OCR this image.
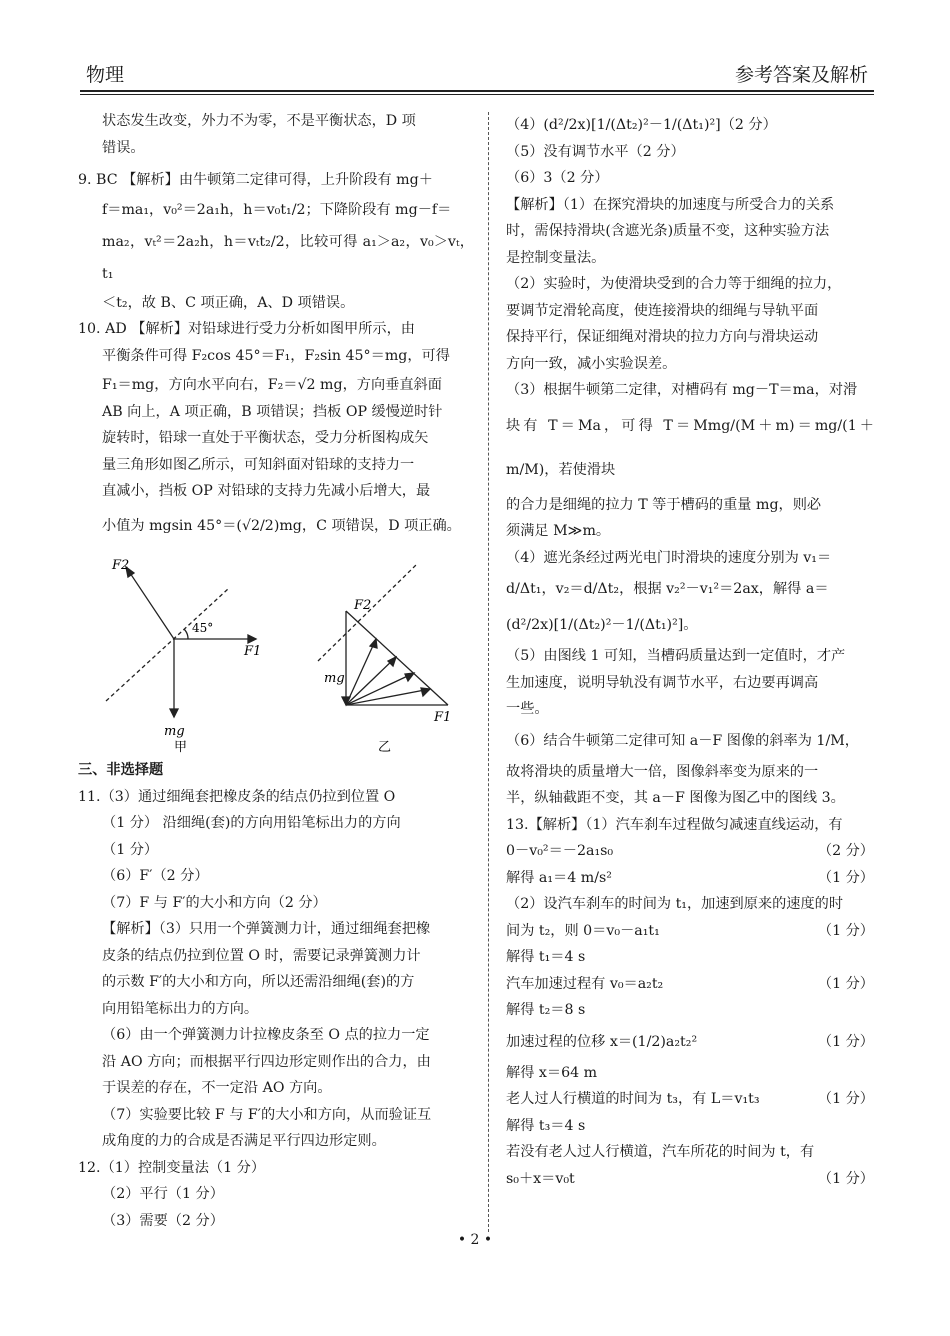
物理	参考答案及解析

状态发生改变，外力不为零，不是平衡状态，D 项

错误。

9. BC 【解析】由牛顿第二定律可得，上升阶段有 mg＋

f＝ma₁，v₀²＝2a₁h，h＝v₀t₁/2；下降阶段有 mg－f＝

ma₂，vₜ²＝2a₂h，h＝vₜt₂/2，比较可得 a₁＞a₂，v₀＞vₜ，t₁

＜t₂，故 B、C 项正确，A、D 项错误。

10. AD 【解析】对铅球进行受力分析如图甲所示，由

平衡条件可得 F₂cos 45°＝F₁，F₂sin 45°＝mg，可得

F₁＝mg，方向水平向右，F₂＝√2 mg，方向垂直斜面

AB 向上，A 项正确，B 项错误；挡板 OP 缓慢逆时针

旋转时，铅球一直处于平衡状态，受力分析图构成矢

量三角形如图乙所示，可知斜面对铅球的支持力一

直减小，挡板 OP 对铅球的支持力先减小后增大，最

小值为 mgsin 45°＝(√2/2)mg，C 项错误，D 项正确。

F2
45°
F1
mg
甲
F2
mg
F1
乙

三、非选择题

11.（3）通过细绳套把橡皮条的结点仍拉到位置 O

（1 分） 沿细绳(套)的方向用铅笔标出力的方向

（1 分）

（6）F′（2 分）

（7）F 与 F′的大小和方向（2 分）

【解析】（3）只用一个弹簧测力计，通过细绳套把橡

皮条的结点仍拉到位置 O 时，需要记录弹簧测力计

的示数 F′的大小和方向，所以还需沿细绳(套)的方

向用铅笔标出力的方向。

（6）由一个弹簧测力计拉橡皮条至 O 点的拉力一定

沿 AO 方向；而根据平行四边形定则作出的合力，由

于误差的存在，不一定沿 AO 方向。

（7）实验要比较 F 与 F′的大小和方向，从而验证互

成角度的力的合成是否满足平行四边形定则。

12.（1）控制变量法（1 分）

（2）平行（1 分）

（3）需要（2 分）

（4）(d²/2x)[1/(Δt₂)²－1/(Δt₁)²]（2 分）

（5）没有调节水平（2 分）

（6）3（2 分）

【解析】（1）在探究滑块的加速度与所受合力的关系

时，需保持滑块(含遮光条)质量不变，这种实验方法

是控制变量法。

（2）实验时，为使滑块受到的合力等于细绳的拉力，

要调节定滑轮高度，使连接滑块的细绳与导轨平面

保持平行，保证细绳对滑块的拉力方向与滑块运动

方向一致，减小实验误差。

（3）根据牛顿第二定律，对槽码有 mg－T＝ma，对滑

块有 T＝Ma，可得 T＝Mmg/(M＋m)＝mg/(1＋m/M)，若使滑块

的合力是细绳的拉力 T 等于槽码的重量 mg，则必

须满足 M≫m。

（4）遮光条经过两光电门时滑块的速度分别为 v₁＝

d/Δt₁，v₂＝d/Δt₂，根据 v₂²－v₁²＝2ax，解得 a＝

(d²/2x)[1/(Δt₂)²－1/(Δt₁)²]。

（5）由图线 1 可知，当槽码质量达到一定值时，才产

生加速度，说明导轨没有调节水平，右边要再调高

一些。

（6）结合牛顿第二定律可知 a－F 图像的斜率为 1/M，

故将滑块的质量增大一倍，图像斜率变为原来的一

半，纵轴截距不变，其 a－F 图像为图乙中的图线 3。

13.【解析】（1）汽车刹车过程做匀减速直线运动，有

0－v₀²＝－2a₁s₀	（2 分）
解得 a₁＝4 m/s²	（1 分）
（2）设汽车刹车的时间为 t₁，加速到原来的速度的时
间为 t₂，则 0＝v₀－a₁t₁	（1 分）
解得 t₁＝4 s
汽车加速过程有 v₀＝a₂t₂	（1 分）
解得 t₂＝8 s
加速过程的位移 x＝(1/2)a₂t₂²	（1 分）
解得 x＝64 m
老人过人行横道的时间为 t₃，有 L＝v₁t₃	（1 分）
解得 t₃＝4 s
若没有老人过人行横道，汽车所花的时间为 t，有
s₀＋x＝v₀t	（1 分）
• 2 •
